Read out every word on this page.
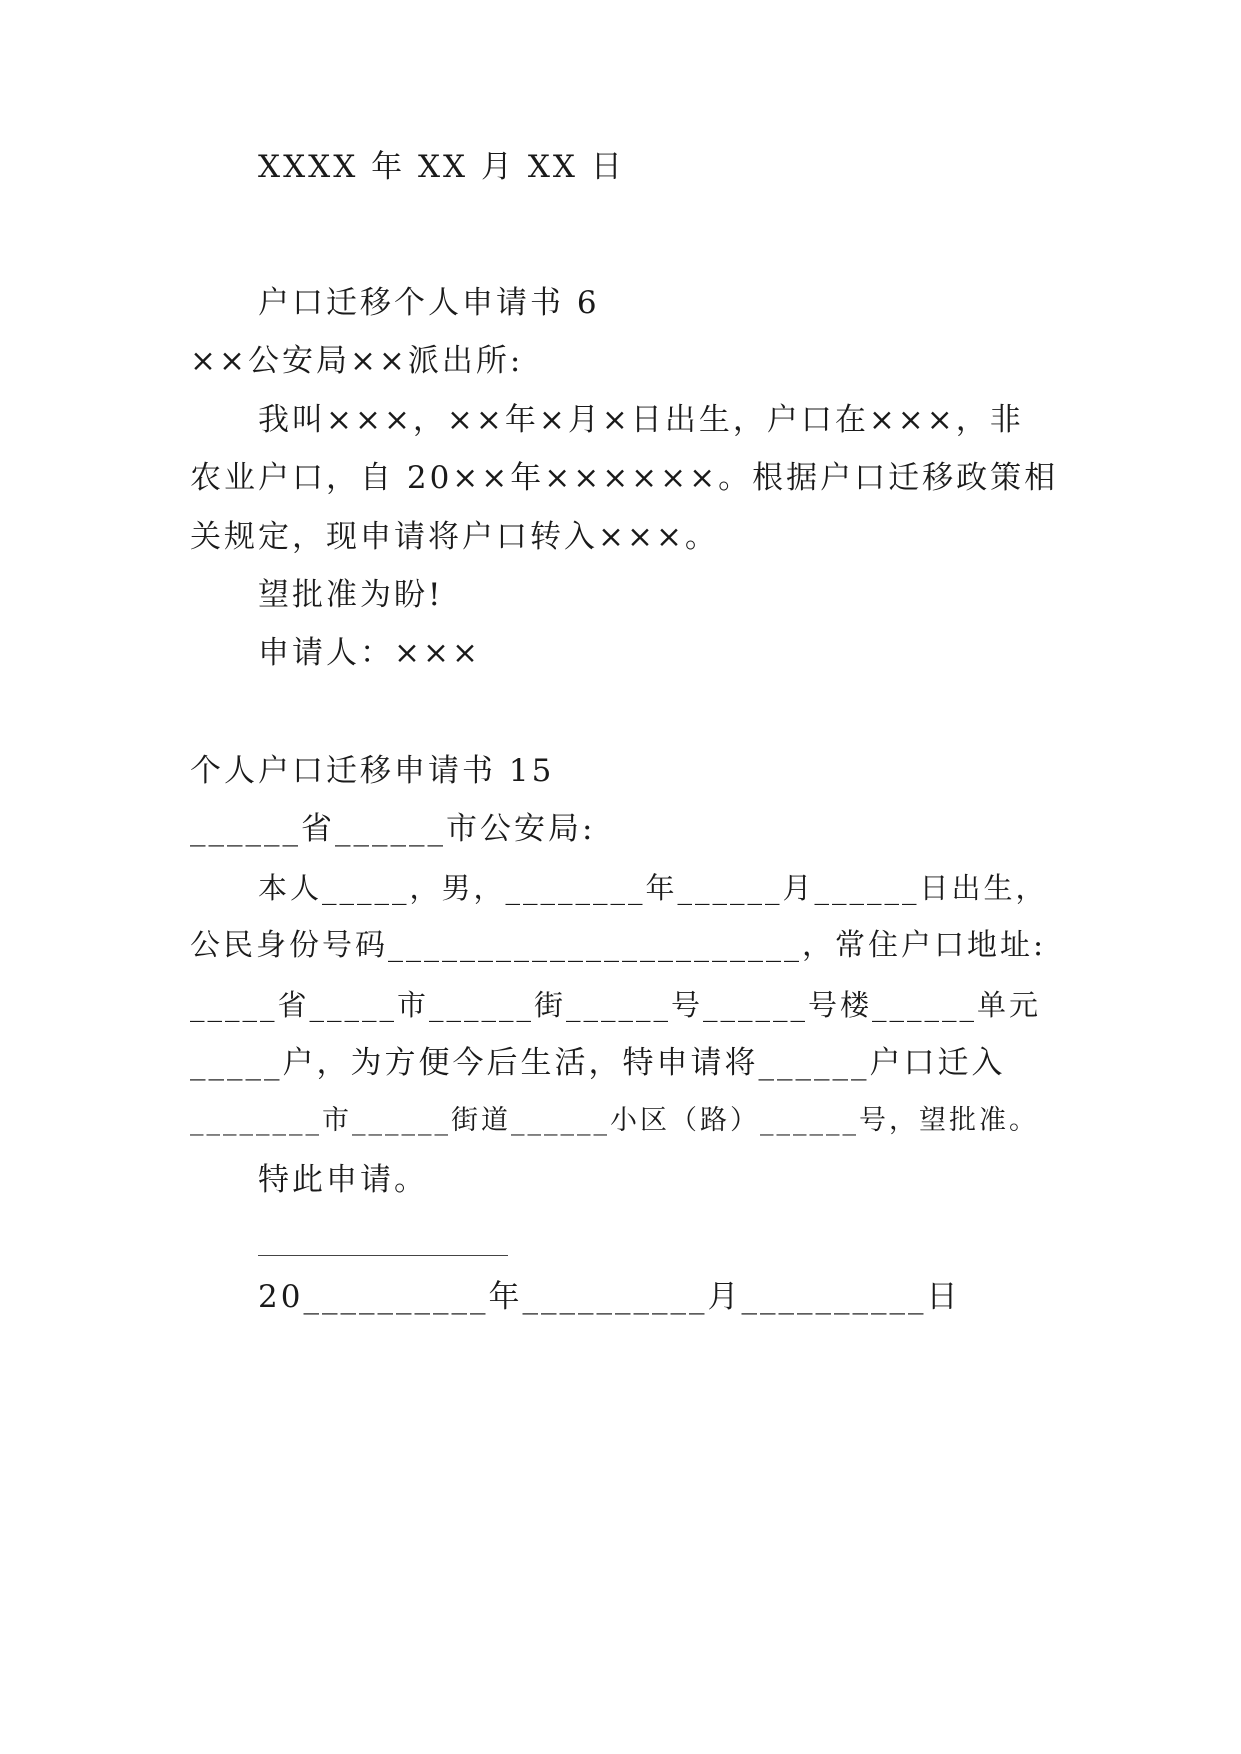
XXXX 年 XX 月 XX 日
户口迁移个人申请书 6
××公安局××派出所:
我叫×××，××年×月×日出生，户口在×××，非
农业户口，自 20××年××××××。根据户口迁移政策相
关规定，现申请将户口转入×××。
望批准为盼!
申请人：×××
个人户口迁移申请书 15
______省______市公安局:
本人_____，男，________年______月______日出生，
公民身份号码_______________________，常住户口地址:
_____省_____市______街______号______号楼______单元
_____户，为方便今后生活，特申请将______户口迁入
________市______街道______小区（路）______号，望批准。
特此申请。
20__________年__________月__________日
